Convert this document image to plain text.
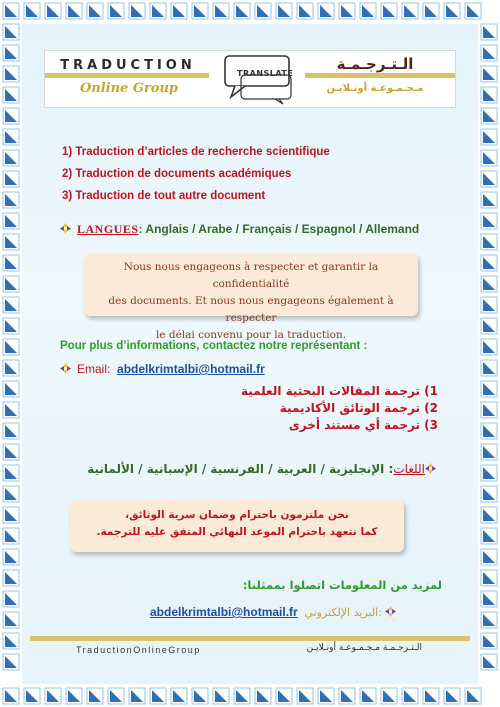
TRADUCTION
Online Group
TRANSLATE
الـتـرجـمـة
مـجـمـوعـة أونـلايـن
1) Traduction d’articles de recherche scientifique
2) Traduction de documents académiques
3) Traduction de tout autre document
LANGUES: Anglais / Arabe / Français / Espagnol / Allemand
Nous nous engageons à respecter et garantir la confidentialité
des documents. Et nous nous engageons également à respecter
le délai convenu pour la traduction.
Pour plus d’informations, contactez notre représentant :
Email: abdelkrimtalbi@hotmail.fr
1) ترجمة المقالات البحثية العلمية
2) ترجمة الوثائق الأكاديمية
3) ترجمة أي مستند أخرى
اللغات: الإنجليزية / العربية / الفرنسية / الإسبانية / الألمانية
نحن ملتزمون باحترام وضمان سرية الوثائق،
كما نتعهد باحترام الموعد النهائي المتفق عليه للترجمة.
لمزيد من المعلومات اتصلوا بممثلنا:
abdelkrimtalbi@hotmail.fr البريد الإلكتروني:
TraductionOnlineGroup	الـتـرجـمـة مـجـمـوعـة أونـلايـن
